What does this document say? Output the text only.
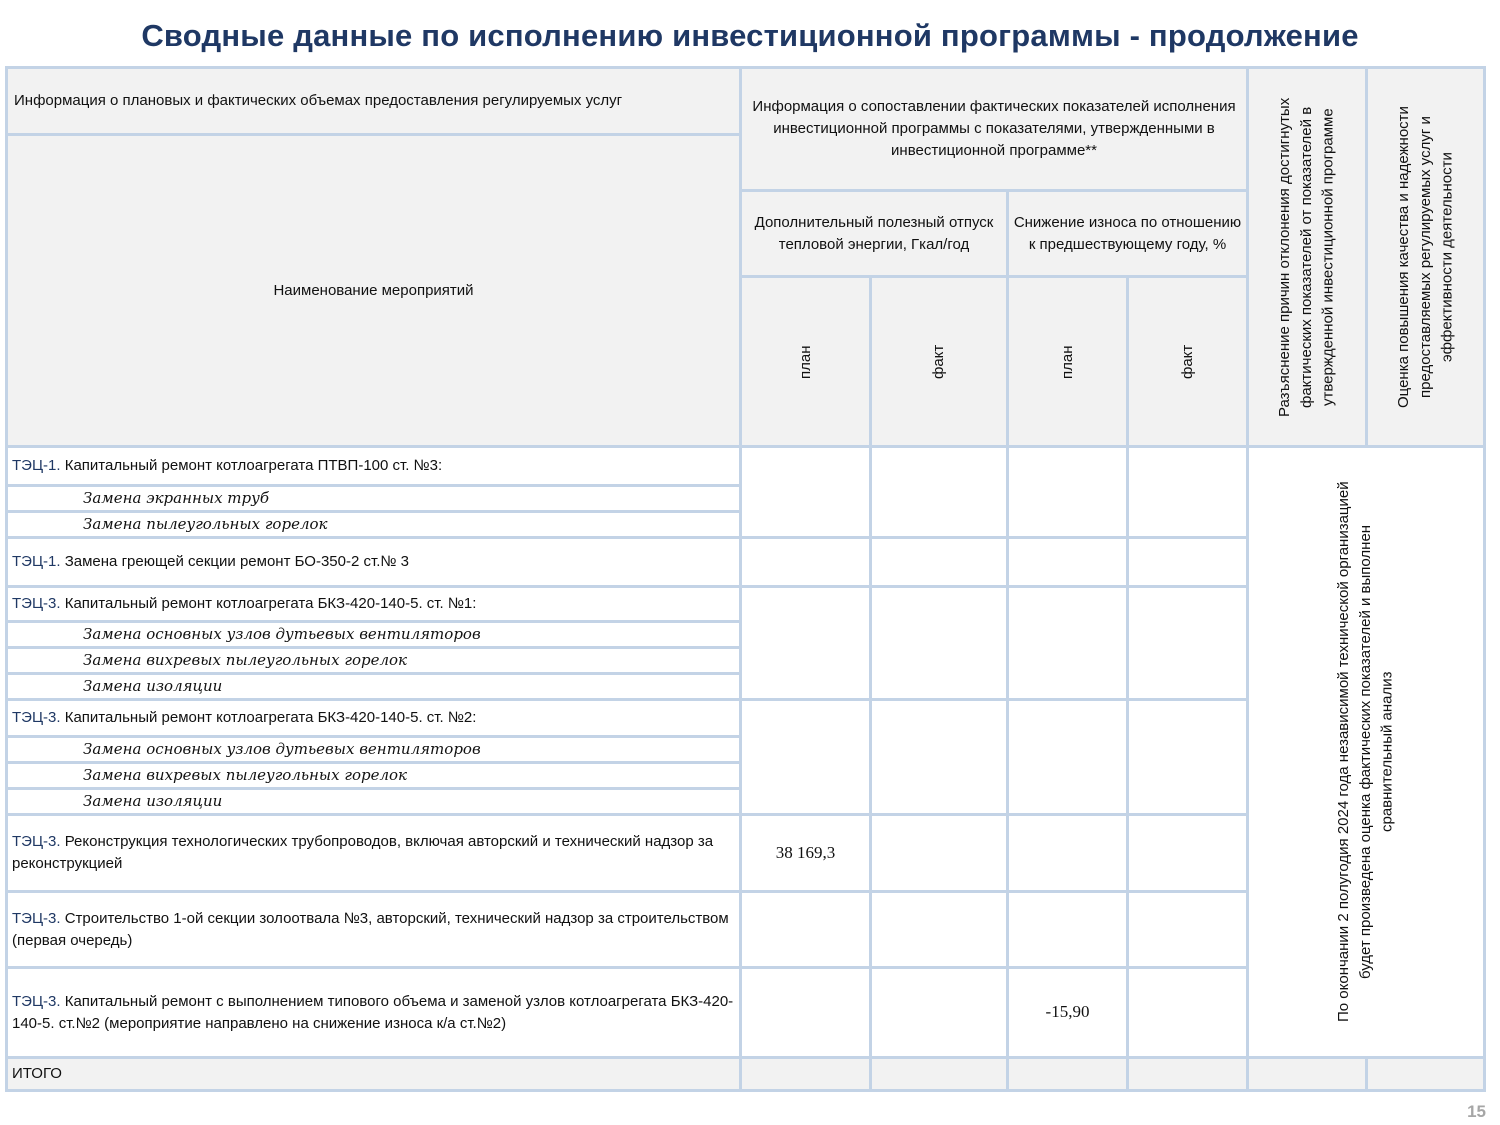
Сводные данные по исполнению инвестиционной программы - продолжение
Информация о плановых и фактических объемах предоставления регулируемых услуг	Информация о сопоставлении фактических показателей исполнения инвестиционной программы с показателями, утвержденными в инвестиционной программе**				Разъяснение причин отклонения достигнутых фактических показателей от показателей в утвержденной инвестиционной программе	Оценка повышения качества и надежности предоставляемых регулируемых услуг и эффективности деятельности

Наименование мероприятий						
	Дополнительный полезный отпуск тепловой энергии, Гкал/год		Снижение износа по отношению к предшествующему году, %			

	план	факт	план	факт		

ТЭЦ-1. Капитальный ремонт котлоагрегата ПТВП-100 ст. №3:					По окончании 2 полугодия 2024 года независимой технической организацией будет произведена оценка фактических показателей и выполнен сравнительный анализ	

Замена экранных труб						
Замена пылеугольных горелок						
ТЭЦ-1. Замена греющей секции ремонт БО-350-2 ст.№ 3						
ТЭЦ-3. Капитальный ремонт котлоагрегата БКЗ-420-140-5. ст. №1:						
Замена основных узлов дутьевых вентиляторов						
Замена вихревых пылеугольных горелок						
Замена изоляции						
ТЭЦ-3. Капитальный ремонт котлоагрегата БКЗ-420-140-5. ст. №2:						
Замена основных узлов дутьевых вентиляторов						
Замена вихревых пылеугольных горелок						
Замена изоляции						
ТЭЦ-3. Реконструкция технологических трубопроводов, включая авторский и технический надзор за реконструкцией	38 169,3					
ТЭЦ-3. Строительство 1-ой секции золоотвала №3, авторский, технический надзор за строительством (первая очередь)						
ТЭЦ-3. Капитальный ремонт с выполнением типового объема и заменой узлов котлоагрегата БКЗ-420-140-5. ст.№2 (мероприятие направлено на снижение износа к/а ст.№2)			-15,90			
ИТОГО						
15
